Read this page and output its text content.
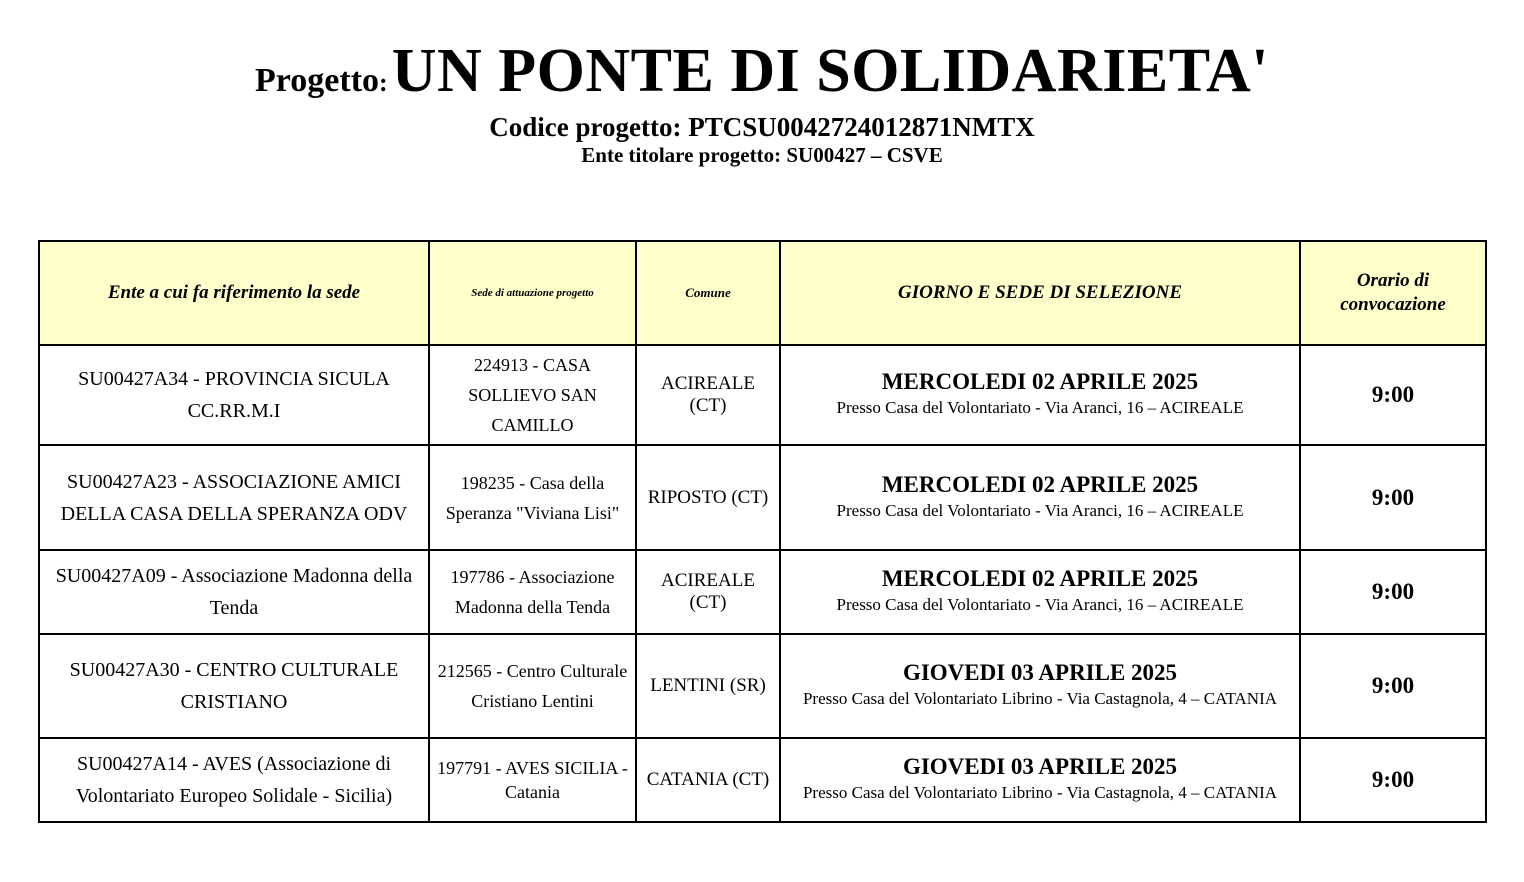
Progetto: UN PONTE DI SOLIDARIETA'
Codice progetto: PTCSU0042724012871NMTX
Ente titolare progetto: SU00427 – CSVE
Ente a cui fa riferimento la sede	Sede di attuazione progetto	Comune	GIORNO E SEDE DI SELEZIONE	Orario di convocazione
SU00427A34 - PROVINCIA SICULA CC.RR.M.I	224913 - CASA SOLLIEVO SAN CAMILLO	ACIREALE (CT)	MERCOLEDI 02 APRILE 2025
Presso Casa del Volontariato - Via Aranci, 16 – ACIREALE	9:00
SU00427A23 - ASSOCIAZIONE AMICI DELLA CASA DELLA SPERANZA ODV	198235 - Casa della Speranza "Viviana Lisi"	RIPOSTO (CT)	MERCOLEDI 02 APRILE 2025
Presso Casa del Volontariato - Via Aranci, 16 – ACIREALE	9:00
SU00427A09 - Associazione Madonna della Tenda	197786 - Associazione Madonna della Tenda	ACIREALE (CT)	MERCOLEDI 02 APRILE 2025
Presso Casa del Volontariato - Via Aranci, 16 – ACIREALE	9:00
SU00427A30 - CENTRO CULTURALE CRISTIANO	212565 - Centro Culturale Cristiano Lentini	LENTINI (SR)	GIOVEDI 03 APRILE 2025
Presso Casa del Volontariato Librino - Via Castagnola, 4 – CATANIA	9:00
SU00427A14 - AVES (Associazione di Volontariato Europeo Solidale - Sicilia)	197791 - AVES SICILIA - Catania	CATANIA (CT)	GIOVEDI 03 APRILE 2025
Presso Casa del Volontariato Librino - Via Castagnola, 4 – CATANIA	9:00
